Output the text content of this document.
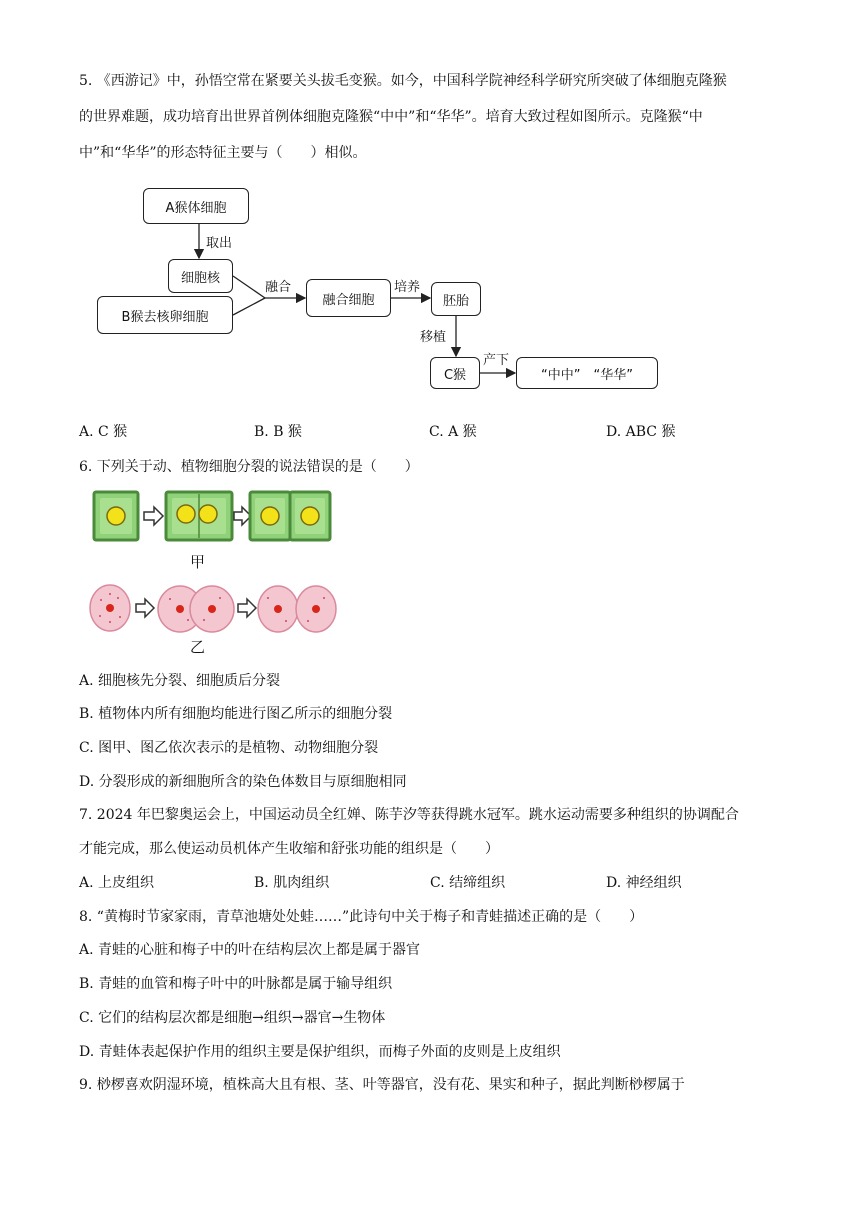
5. 《西游记》中，孙悟空常在紧要关头拔毛变猴。如今，中国科学院神经科学研究所突破了体细胞克隆猴
的世界难题，成功培育出世界首例体细胞克隆猴“中中”和“华华”。培育大致过程如图所示。克隆猴“中
中”和“华华”的形态特征主要与（　　）相似。
A猴体细胞
取出
细胞核
B猴去核卵细胞
融合
融合细胞
培养
胚胎
移植
C猴
产下
“中中”　“华华”
A. C 猴	B. B 猴	C. A 猴	D. ABC 猴
6. 下列关于动、植物细胞分裂的说法错误的是（　　）
甲
乙
A. 细胞核先分裂、细胞质后分裂
B. 植物体内所有细胞均能进行图乙所示的细胞分裂
C. 图甲、图乙依次表示的是植物、动物细胞分裂
D. 分裂形成的新细胞所含的染色体数目与原细胞相同
7. 2024 年巴黎奥运会上，中国运动员全红婵、陈芋汐等获得跳水冠军。跳水运动需要多种组织的协调配合
才能完成，那么使运动员机体产生收缩和舒张功能的组织是（　　）
A. 上皮组织	B. 肌肉组织	C. 结缔组织	D. 神经组织
8. “黄梅时节家家雨，青草池塘处处蛙……”此诗句中关于梅子和青蛙描述正确的是（　　）
A. 青蛙的心脏和梅子中的叶在结构层次上都是属于器官
B. 青蛙的血管和梅子叶中的叶脉都是属于输导组织
C. 它们的结构层次都是细胞→组织→器官→生物体
D. 青蛙体表起保护作用的组织主要是保护组织，而梅子外面的皮则是上皮组织
9. 桫椤喜欢阴湿环境，植株高大且有根、茎、叶等器官，没有花、果实和种子，据此判断桫椤属于
